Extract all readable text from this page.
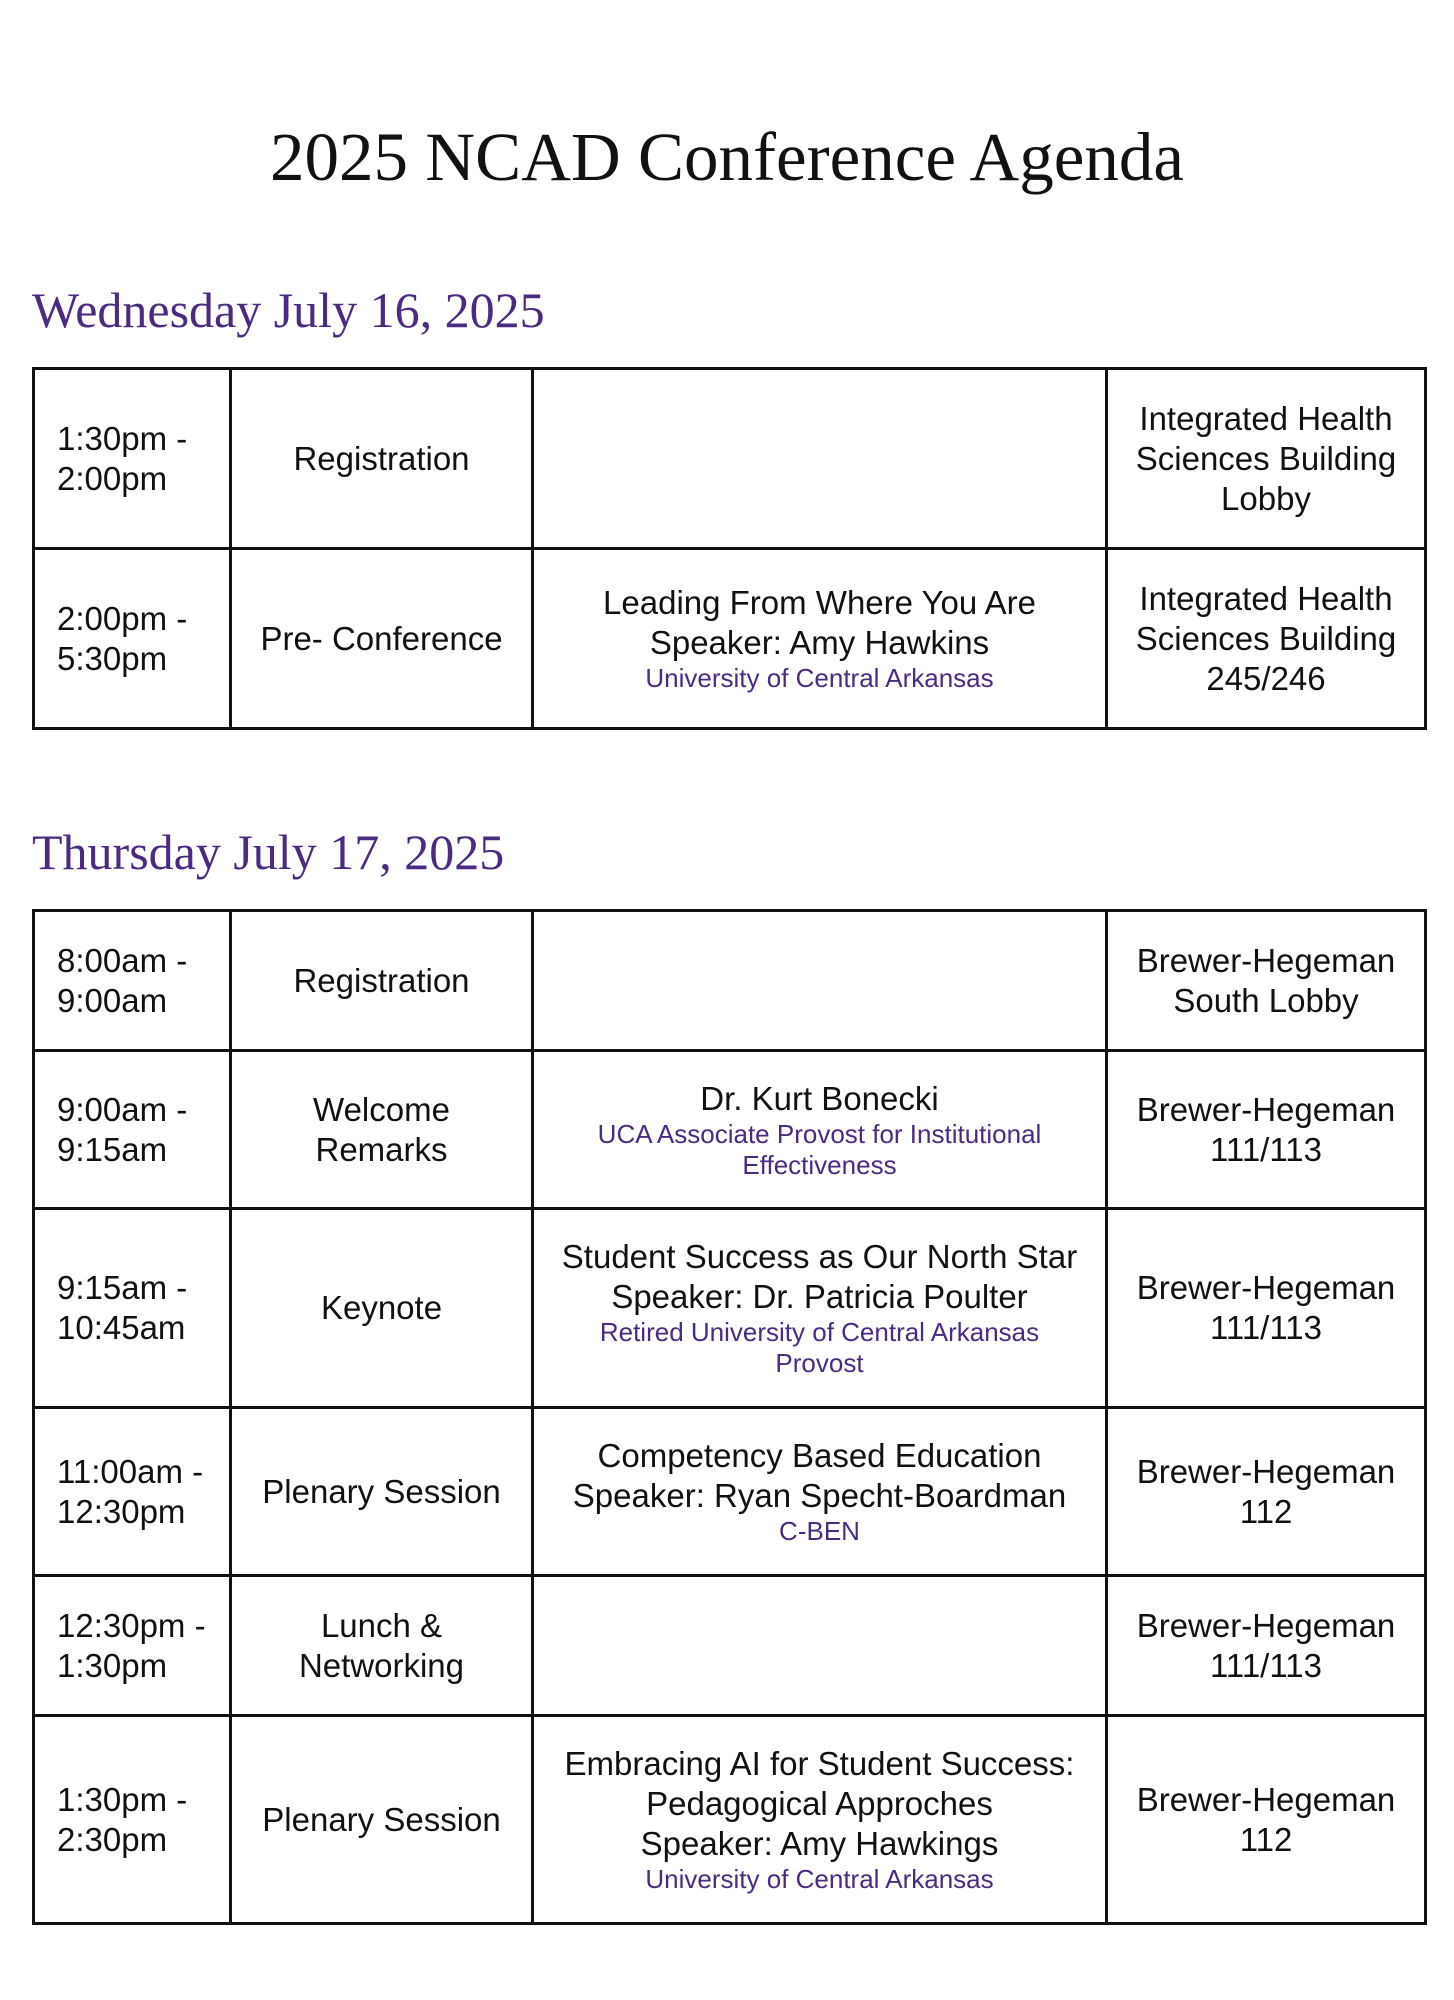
2025 NCAD Conference Agenda
Wednesday July 16, 2025
1:30pm -
2:00pm	Registration		Integrated Health
Sciences Building
Lobby

2:00pm -
5:30pm	Pre- Conference	Leading From Where You Are
Speaker: Amy Hawkins
University of Central Arkansas	Integrated Health
Sciences Building
245/246
Thursday July 17, 2025
8:00am -
9:00am	Registration		Brewer-Hegeman
South Lobby

9:00am -
9:15am	Welcome
Remarks	Dr. Kurt Bonecki
UCA Associate Provost for Institutional
Effectiveness	Brewer-Hegeman
111/113

9:15am -
10:45am	Keynote	Student Success as Our North Star
Speaker: Dr. Patricia Poulter
Retired University of Central Arkansas
Provost	Brewer-Hegeman
111/113

11:00am -
12:30pm	Plenary Session	Competency Based Education
Speaker: Ryan Specht-Boardman
C-BEN	Brewer-Hegeman
112

12:30pm -
1:30pm	Lunch &
Networking		Brewer-Hegeman
111/113

1:30pm -
2:30pm	Plenary Session	Embracing AI for Student Success:
Pedagogical Approches
Speaker: Amy Hawkings
University of Central Arkansas	Brewer-Hegeman
112
